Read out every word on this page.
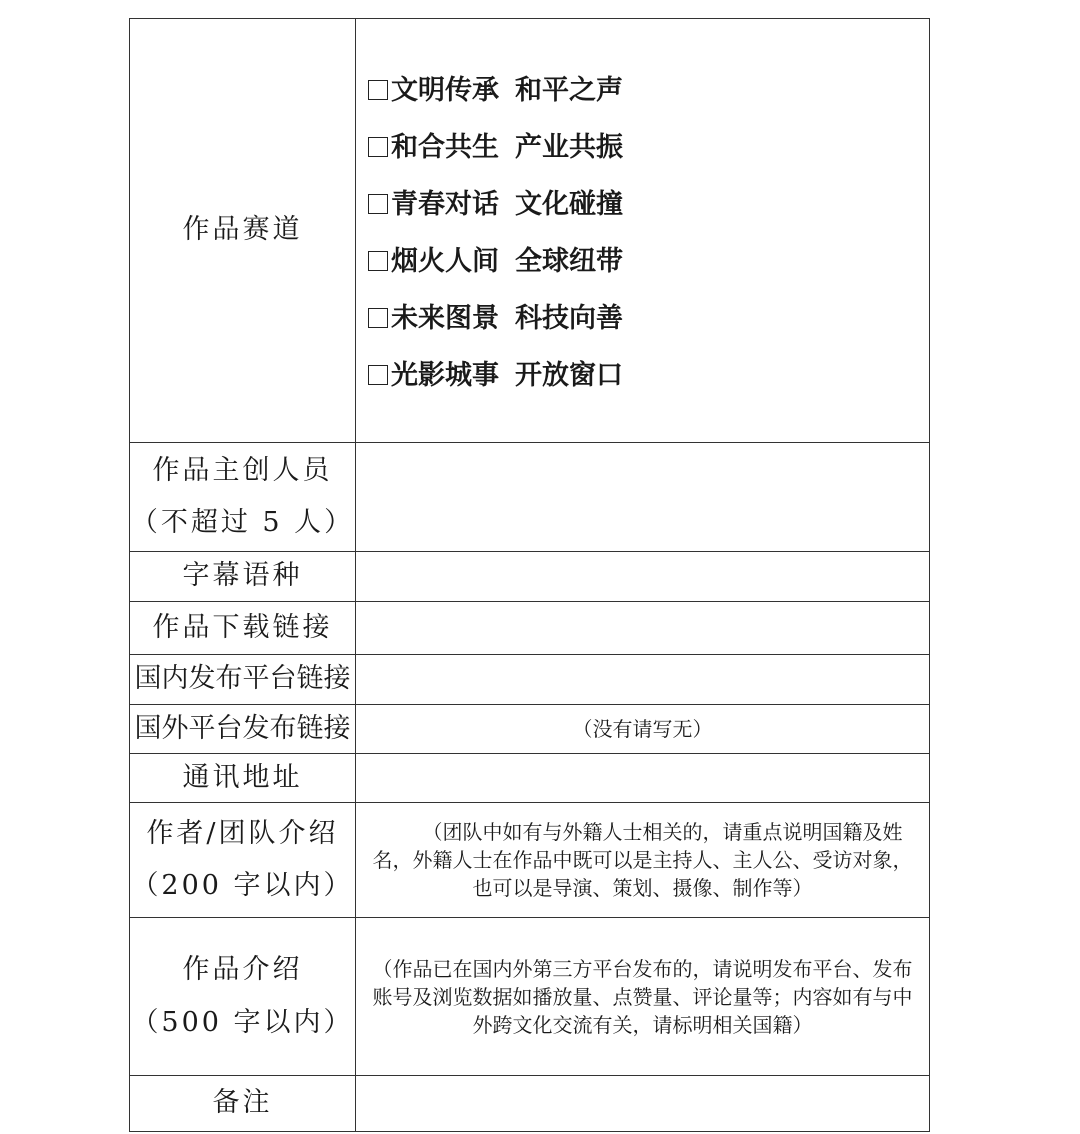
作品赛道
文明传承 和平之声
和合共生 产业共振
青春对话 文化碰撞
烟火人间 全球纽带
未来图景 科技向善
光影城事 开放窗口
作品主创人员
（不超过 5 人）
字幕语种
作品下载链接
国内发布平台链接
国外平台发布链接	（没有请写无）
通讯地址
作者/团队介绍
（200 字以内）
（团队中如有与外籍人士相关的，请重点说明国籍及姓名，外籍人士在作品中既可以是主持人、主人公、受访对象，也可以是导演、策划、摄像、制作等）
作品介绍
（500 字以内）
（作品已在国内外第三方平台发布的，请说明发布平台、发布账号及浏览数据如播放量、点赞量、评论量等；内容如有与中外跨文化交流有关，请标明相关国籍）
备注
